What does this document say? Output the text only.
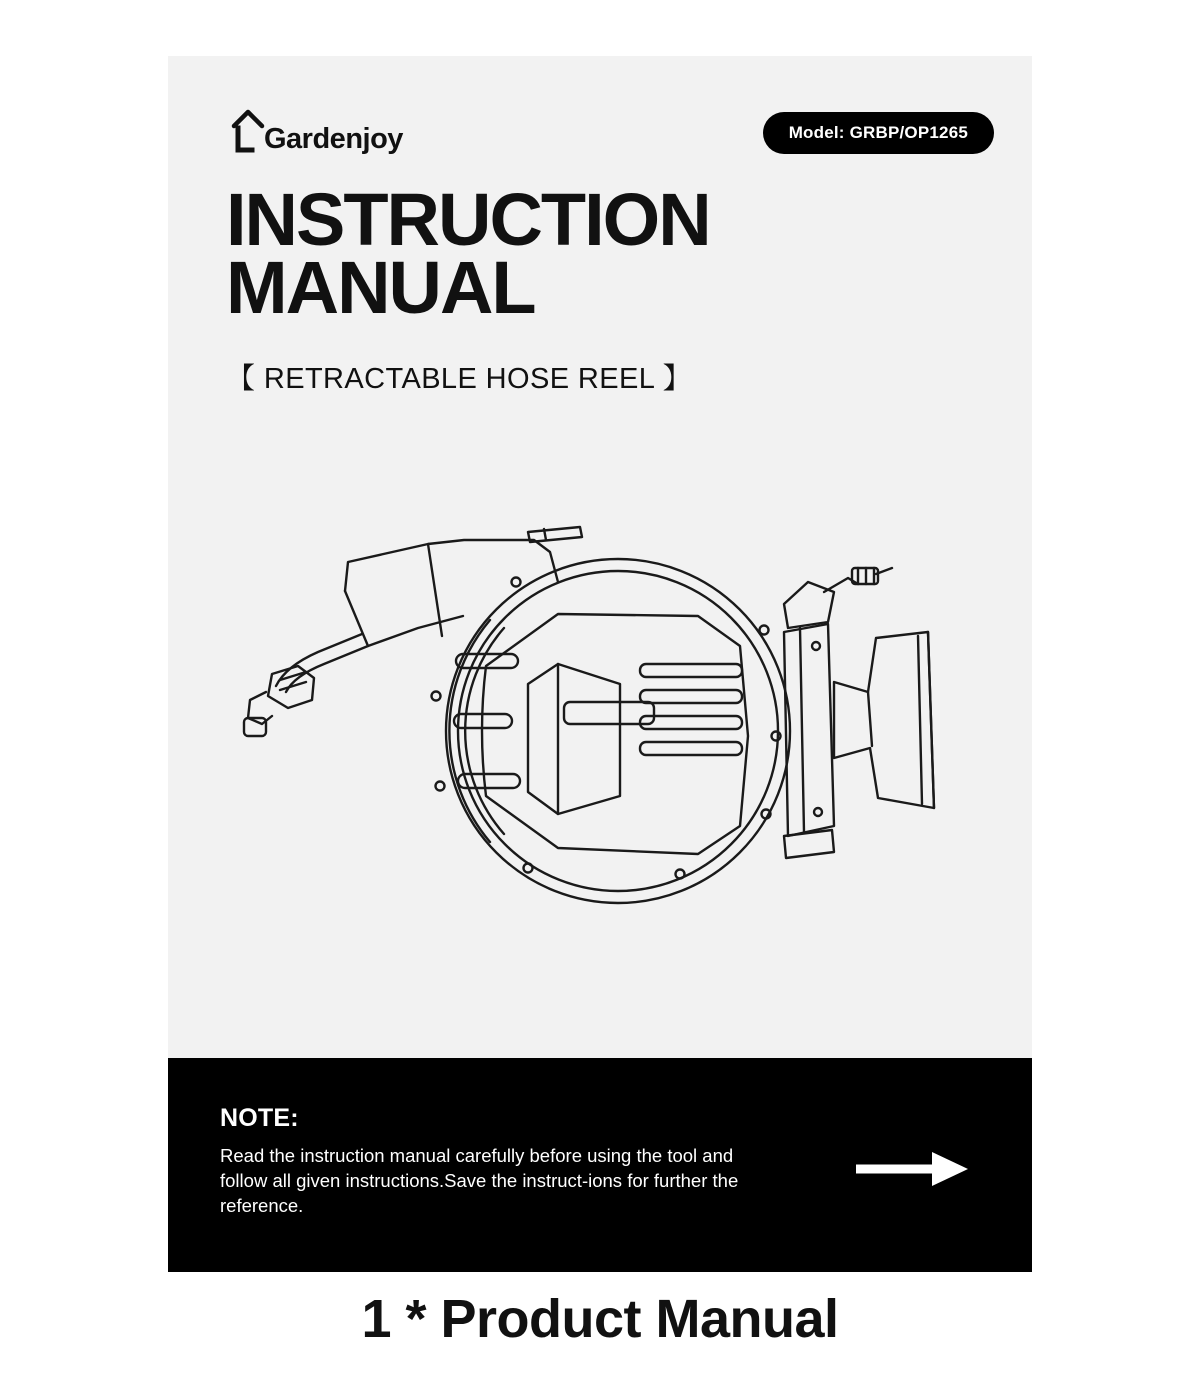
Gardenjoy	Model: GRBP/OP1265
INSTRUCTION
MANUAL
【 RETRACTABLE HOSE REEL 】
NOTE:
Read the instruction manual carefully before using the tool and follow all given instructions.Save the instruct-ions for further the reference.
1 * Product Manual
